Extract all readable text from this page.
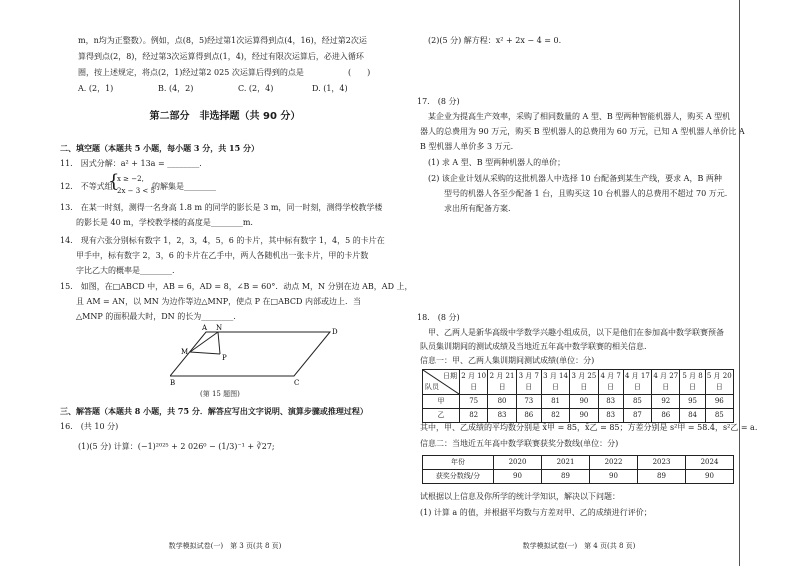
m，n均为正整数）。例如，点(8，5)经过第1次运算得到点(4，16)，经过第2次运
算得到点(2，8)，经过第3次运算得到点(1，4)，经过有限次运算后，必进入循环
圈，按上述规定，将点(2，1)经过第2 025 次运算后得到的点是	(　　)
A. (2，1)	B. (4，2)	C. (2，4)	D. (1，4)
第二部分　非选择题（共 90 分）
二、填空题（本题共 5 小题，每小题 3 分，共 15 分）
11.　因式分解：a² + 13a = ________.
12.　不等式组
{
x ≥ −2,
2x − 3 < 5
的解集是________
13.　在某一时刻，测得一名身高 1.8 m 的同学的影长是 3 m，同一时刻，测得学校教学楼
　　的影长是 40 m，学校教学楼的高度是________m.
14.　现有六张分别标有数字 1，2，3，4，5，6 的卡片，其中标有数字 1，4，5 的卡片在
　　甲手中，标有数字 2，3，6 的卡片在乙手中，两人各随机出一张卡片，甲的卡片数
　　字比乙大的概率是________.
15.　如图，在□ABCD 中，AB = 6，AD = 8，∠B = 60°．动点 M，N 分别在边 AB，AD 上，
　　且 AM = AN，以 MN 为边作等边△MNP，使点 P 在□ABCD 内部或边上．当
　　△MNP 的面积最大时，DN 的长为________.
A N	D
M
P
B	C
(第 15 题图)
三、解答题（本题共 8 小题，共 75 分．解答应写出文字说明、演算步骤或推理过程）
16.　(共 10 分)
(1)(5 分) 计算：(−1)²⁰²⁵ + 2 026⁰ − (1/3)⁻¹ + ∛27;
数学模拟试卷(一)　第 3 页(共 8 页)
(2)(5 分) 解方程：x² + 2x − 4 = 0.
17.　(8 分)
某企业为提高生产效率，采购了相同数量的 A 型、B 型两种智能机器人，购买 A 型机
器人的总费用为 90 万元，购买 B 型机器人的总费用为 60 万元，已知 A 型机器人单价比 A
B 型机器人单价多 3 万元.
(1) 求 A 型、B 型两种机器人的单价；
(2) 该企业计划从采购的这批机器人中选择 10 台配备到某生产线，要求 A，B 两种
　　型号的机器人各至少配备 1 台，且购买这 10 台机器人的总费用不超过 70 万元．
　　求出所有配备方案.
18.　(8 分)
甲、乙两人是新华高级中学数学兴趣小组成员，以下是他们在参加高中数学联赛预备
队员集训期间的测试成绩及当地近五年高中数学联赛的相关信息.
信息一：甲、乙两人集训期间测试成绩(单位：分)
日期
队员	2 月 10 日	2 月 21 日	3 月 7 日	3 月 14 日	3 月 25 日	4 月 7 日	4 月 17 日	4 月 27 日	5 月 8 日	5 月 20 日
甲	75	80	73	81	90	83	85	92	95	96
乙	82	83	86	82	90	83	87	86	84	85
其中，甲、乙成绩的平均数分别是 x̄甲 = 85，x̄乙 = 85；方差分别是 s²甲 = 58.4，s²乙 = a.
信息二：当地近五年高中数学联赛获奖分数线(单位：分)
年份	2020	2021	2022	2023	2024
获奖分数线/分	90	89	90	89	90
试根据以上信息及你所学的统计学知识，解决以下问题：
(1) 计算 a 的值，并根据平均数与方差对甲、乙的成绩进行评价；
数学模拟试卷(一)　第 4 页(共 8 页)
